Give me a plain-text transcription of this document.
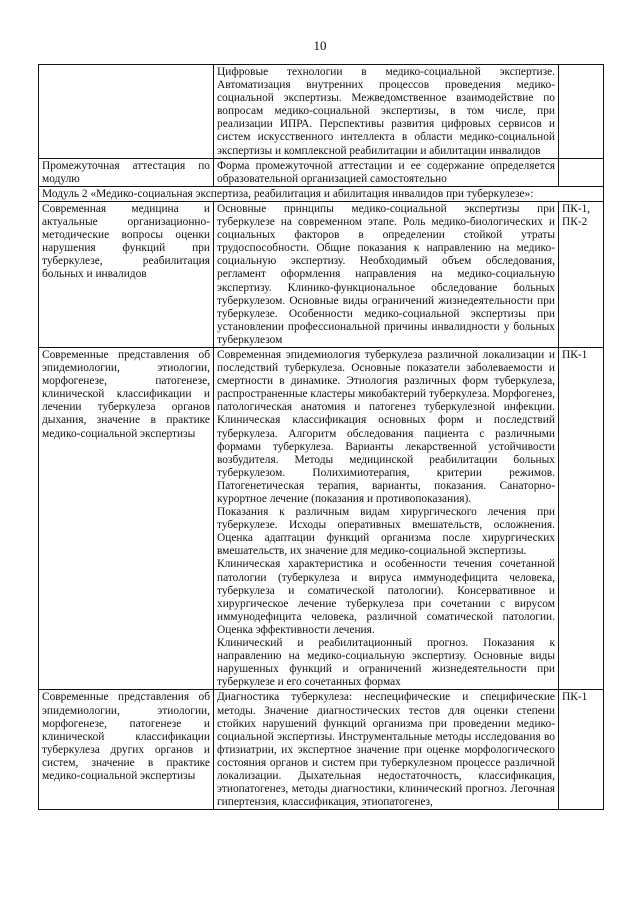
10

	Цифровые технологии в медико-социальной экспертизе. Автоматизация внутренних процессов проведения медико-социальной экспертизы. Межведомственное взаимодействие по вопросам медико-социальной экспертизы, в том числе, при реализации ИПРА. Перспективы развития цифровых сервисов и систем искусственного интеллекта в области медико-социальной экспертизы и комплексной реабилитации и абилитации инвалидов	

Промежуточная аттестация по модулю	Форма промежуточной аттестации и ее содержание определяется образовательной организацией самостоятельно	

Модуль 2 «Медико-социальная экспертиза, реабилитация и абилитация инвалидов при туберкулезе»:		

Современная медицина и актуальные организационно-методические вопросы оценки нарушения функций при туберкулезе, реабилитация больных и инвалидов	Основные принципы медико-социальной экспертизы при туберкулезе на современном этапе. Роль медико-биологических и социальных факторов в определении стойкой утраты трудоспособности. Общие показания к направлению на медико-социальную экспертизу. Необходимый объем обследования, регламент оформления направления на медико-социальную экспертизу. Клинико-функциональное обследование больных туберкулезом. Основные виды ограничений жизнедеятельности при туберкулезе. Особенности медико-социальной экспертизы при установлении профессиональной причины инвалидности у больных туберкулезом	ПК-1, ПК-2

Современные представления об эпидемиологии, этиологии, морфогенезе, патогенезе, клинической классификации и лечении туберкулеза органов дыхания, значение в практике медико-социальной экспертизы	Современная эпидемиология туберкулеза различной локализации и последствий туберкулеза. Основные показатели заболеваемости и смертности в динамике. Этиология различных форм туберкулеза, распространенные кластеры микобактерий туберкулеза. Морфогенез, патологическая анатомия и патогенез туберкулезной инфекции. Клиническая классификация основных форм и последствий туберкулеза. Алгоритм обследования пациента с различными формами туберкулеза. Варианты лекарственной устойчивости возбудителя. Методы медицинской реабилитации больных туберкулезом. Полихимиотерапия, критерии режимов. Патогенетическая терапия, варианты, показания. Санаторно-курортное лечение (показания и противопоказания).
Показания к различным видам хирургического лечения при туберкулезе. Исходы оперативных вмешательств, осложнения. Оценка адаптации функций организма после хирургических вмешательств, их значение для медико-социальной экспертизы.
Клиническая характеристика и особенности течения сочетанной патологии (туберкулеза и вируса иммунодефицита человека, туберкулеза и соматической патологии). Консервативное и хирургическое лечение туберкулеза при сочетании с вирусом иммунодефицита человека, различной соматической патологии. Оценка эффективности лечения.
Клинический и реабилитационный прогноз. Показания к направлению на медико-социальную экспертизу. Основные виды нарушенных функций и ограничений жизнедеятельности при туберкулезе и его сочетанных формах	ПК-1

Современные представления об эпидемиологии, этиологии, морфогенезе, патогенезе и клинической классификации туберкулеза других органов и систем, значение в практике медико-социальной экспертизы	Диагностика туберкулеза: неспецифические и специфические методы. Значение диагностических тестов для оценки степени стойких нарушений функций организма при проведении медико-социальной экспертизы. Инструментальные методы исследования во фтизиатрии, их экспертное значение при оценке морфологического состояния органов и систем при туберкулезном процессе различной локализации. Дыхательная недостаточность, классификация, этиопатогенез, методы диагностики, клинический прогноз. Легочная гипертензия, классификация, этиопатогенез,	ПК-1
